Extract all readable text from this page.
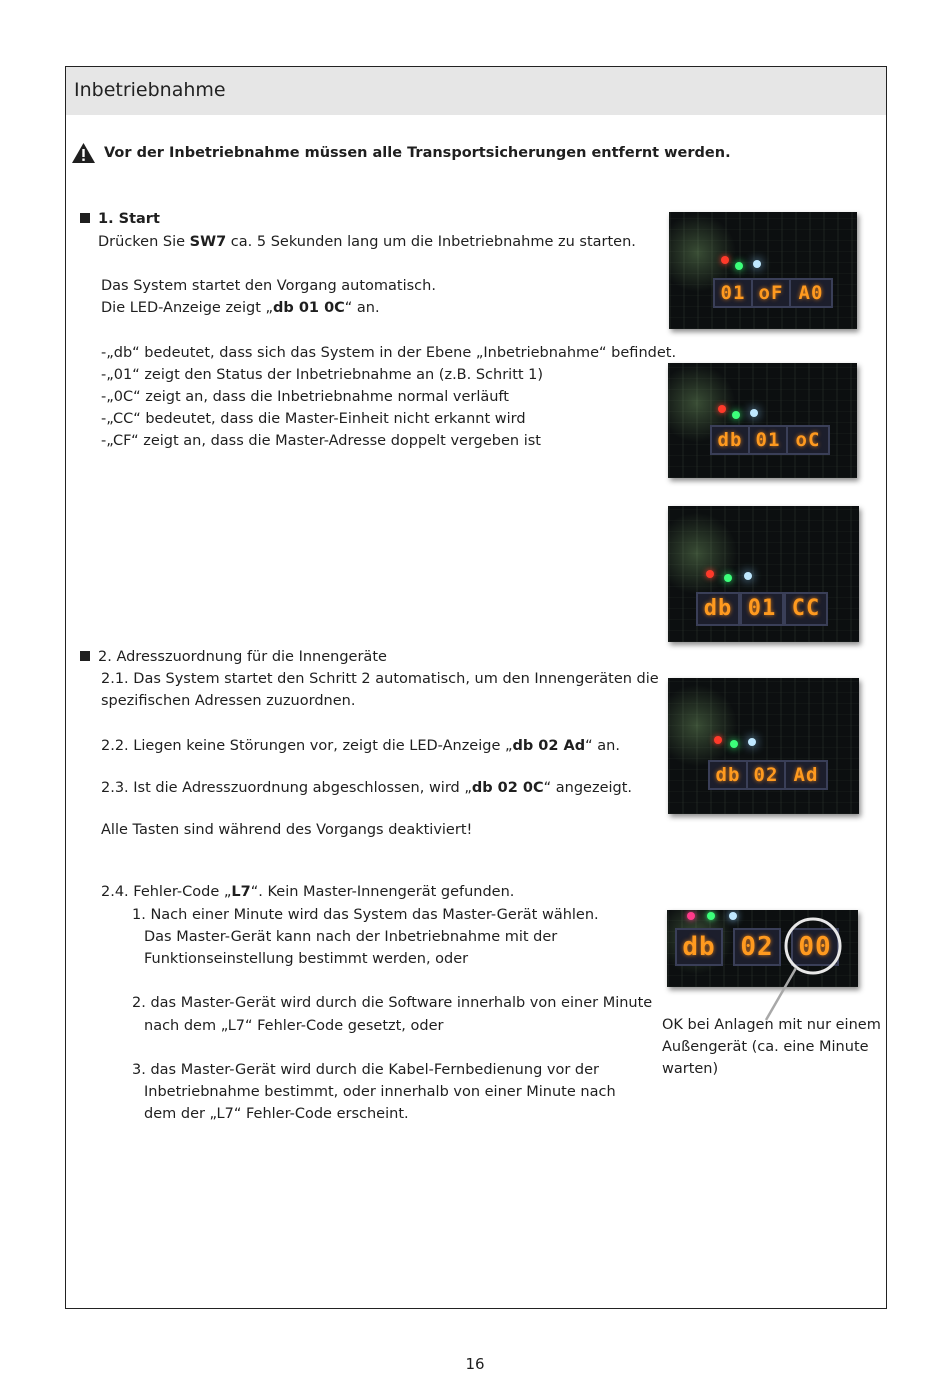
Inbetriebnahme
Vor der Inbetriebnahme müssen alle Transportsicherungen entfernt werden.
1. Start
Drücken Sie SW7 ca. 5 Sekunden lang um die Inbetriebnahme zu starten.
Das System startet den Vorgang automatisch.
Die LED-Anzeige zeigt „db 01 0C“ an.
-„db“ bedeutet, dass sich das System in der Ebene „Inbetriebnahme“ befindet.
-„01“ zeigt den Status der Inbetriebnahme an (z.B. Schritt 1)
-„0C“ zeigt an, dass die Inbetriebnahme normal verläuft
-„CC“ bedeutet, dass die Master-Einheit nicht erkannt wird
-„CF“ zeigt an, dass die Master-Adresse doppelt vergeben ist
2. Adresszuordnung für die Innengeräte
2.1. Das System startet den Schritt 2 automatisch, um den Innengeräten die
spezifischen Adressen zuzuordnen.
2.2. Liegen keine Störungen vor, zeigt die LED-Anzeige „db 02 Ad“ an.
2.3. Ist die Adresszuordnung abgeschlossen, wird „db 02 0C“ angezeigt.
Alle Tasten sind während des Vorgangs deaktiviert!
2.4. Fehler-Code „L7“. Kein Master-Innengerät gefunden.
1. Nach einer Minute wird das System das Master-Gerät wählen.
Das Master-Gerät kann nach der Inbetriebnahme mit der
Funktionseinstellung bestimmt werden, oder
2. das Master-Gerät wird durch die Software innerhalb von einer Minute
nach dem „L7“ Fehler-Code gesetzt, oder
3. das Master-Gerät wird durch die Kabel-Fernbedienung vor der
Inbetriebnahme bestimmt, oder innerhalb von einer Minute nach
dem der „L7“ Fehler-Code erscheint.
01 oF A0
db 01 oC
db 01 CC
db 02 Ad
db 02 00
OK bei Anlagen mit nur einem
Außengerät (ca. eine Minute
warten)
16
